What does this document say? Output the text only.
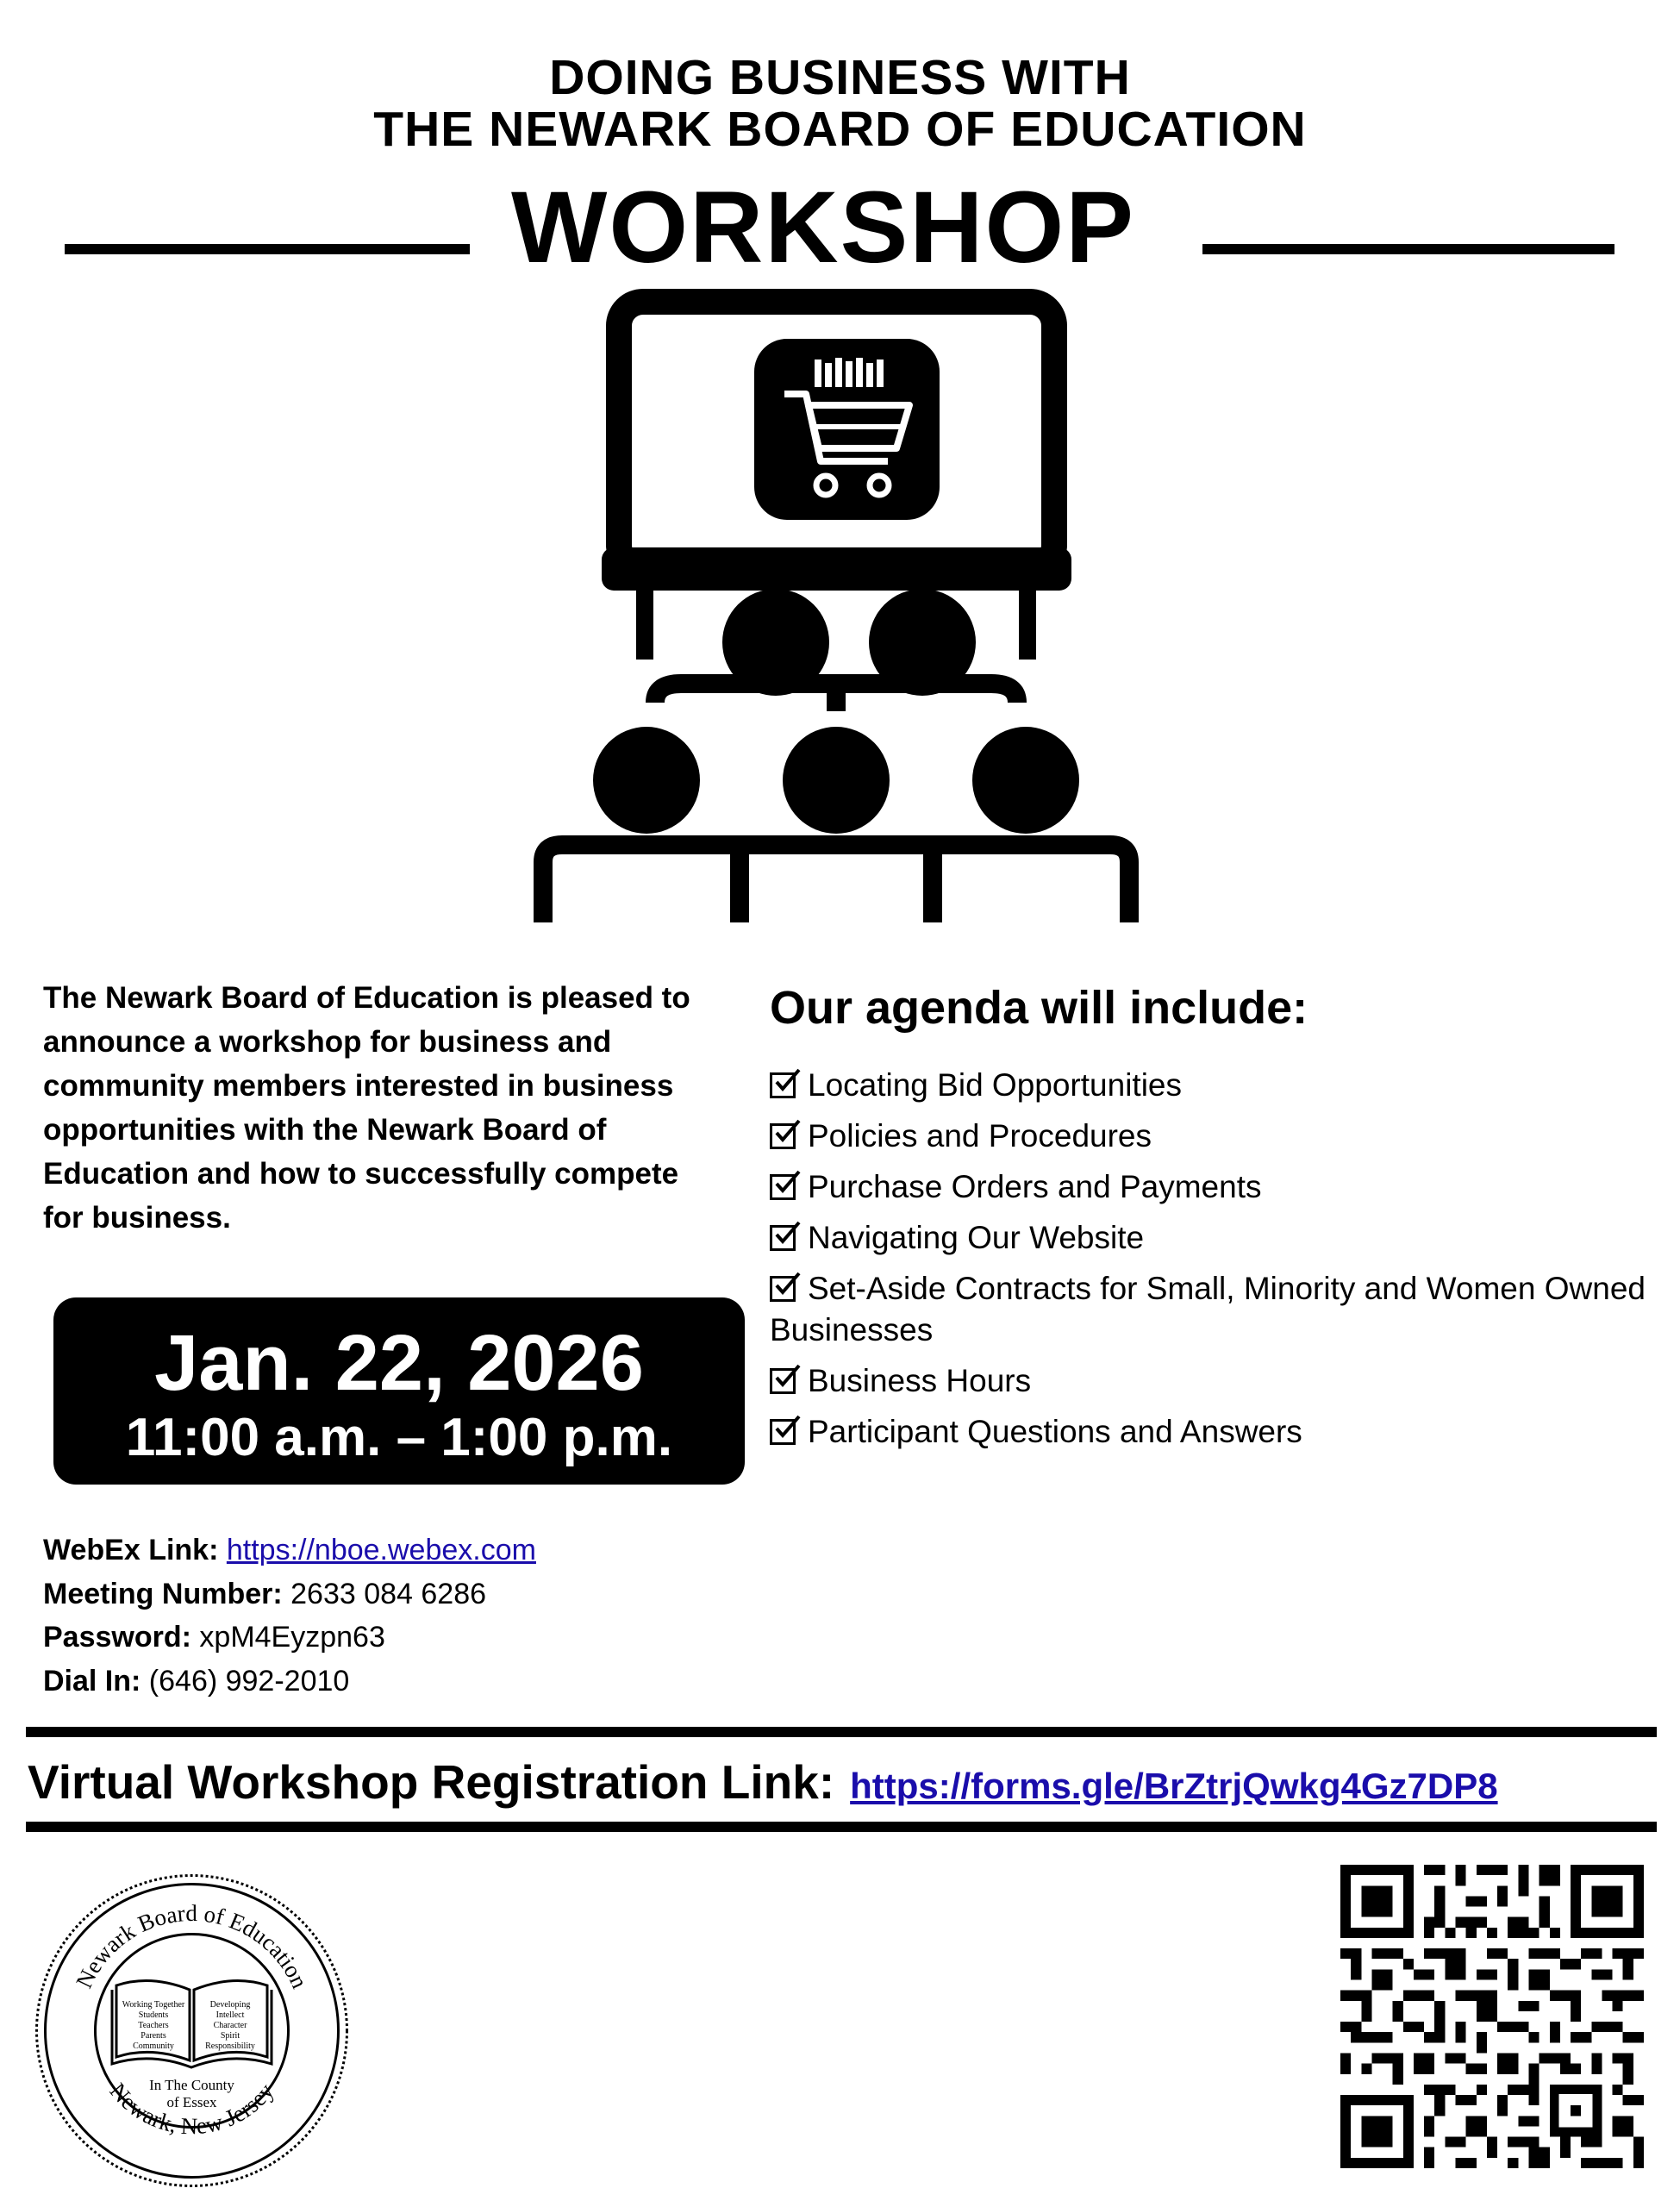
DOING BUSINESS WITH
THE NEWARK BOARD OF EDUCATION
WORKSHOP
The Newark Board of Education is pleased to announce a workshop for business and community members interested in business opportunities with the Newark Board of Education and how to successfully compete for business.
Jan. 22, 2026
11:00 a.m. – 1:00 p.m.
Our agenda will include:
Locating Bid Opportunities
Policies and Procedures
Purchase Orders and Payments
Navigating Our Website
Set-Aside Contracts for Small, Minority and Women Owned Businesses
Business Hours
Participant Questions and Answers
WebEx Link: https://nboe.webex.com
Meeting Number: 2633 084 6286
Password: xpM4Eyzpn63
Dial In: (646) 992-2010
Virtual Workshop Registration Link: https://forms.gle/BrZtrjQwkg4Gz7DP8
Newark Board of Education
Newark, New Jersey
Working Together
Students
Teachers
Parents
Community
Developing
Intellect
Character
Spirit
Responsibility
In The County
of Essex
